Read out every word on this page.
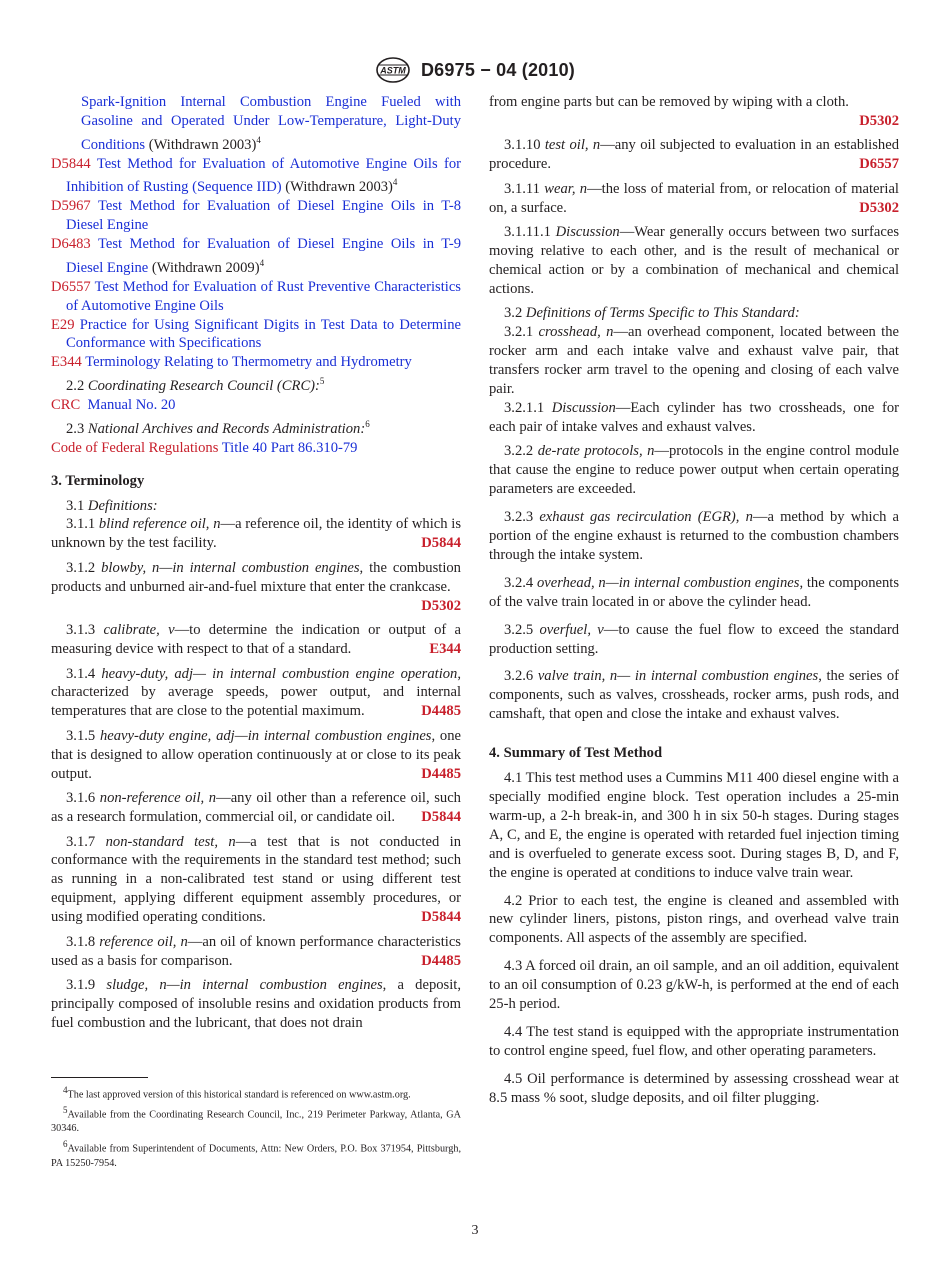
ASTM D6975 − 04 (2010)

Spark-Ignition Internal Combustion Engine Fueled with Gasoline and Operated Under Low-Temperature, Light-Duty Conditions (Withdrawn 2003)$^4$

D5844 Test Method for Evaluation of Automotive Engine Oils for Inhibition of Rusting (Sequence IID) (Withdrawn 2003)$^4$

D5967 Test Method for Evaluation of Diesel Engine Oils in T-8 Diesel Engine

D6483 Test Method for Evaluation of Diesel Engine Oils in T-9 Diesel Engine (Withdrawn 2009)$^4$

D6557 Test Method for Evaluation of Rust Preventive Characteristics of Automotive Engine Oils

E29 Practice for Using Significant Digits in Test Data to Determine Conformance with Specifications

E344 Terminology Relating to Thermometry and Hydrometry

2.2 Coordinating Research Council (CRC):$^5$

CRC Manual No. 20

2.3 National Archives and Records Administration:$^6$

Code of Federal Regulations Title 40 Part 86.310-79

3. Terminology

3.1 Definitions:

3.1.1 blind reference oil, n—a reference oil, the identity of which is unknown by the test facility.	D5844

3.1.2 blowby, n—in internal combustion engines, the combustion products and unburned air-and-fuel mixture that enter the crankcase.
D5302

3.1.3 calibrate, v—to determine the indication or output of a measuring device with respect to that of a standard.	E344

3.1.4 heavy-duty, adj— in internal combustion engine operation, characterized by average speeds, power output, and internal temperatures that are close to the potential maximum.	D4485

3.1.5 heavy-duty engine, adj—in internal combustion engines, one that is designed to allow operation continuously at or close to its peak output.	D4485

3.1.6 non-reference oil, n—any oil other than a reference oil, such as a research formulation, commercial oil, or candidate oil.	D5844

3.1.7 non-standard test, n—a test that is not conducted in conformance with the requirements in the standard test method; such as running in a non-calibrated test stand or using different test equipment, applying different equipment assembly procedures, or using modified operating conditions.	D5844

3.1.8 reference oil, n—an oil of known performance characteristics used as a basis for comparison.	D4485

3.1.9 sludge, n—in internal combustion engines, a deposit, principally composed of insoluble resins and oxidation products from fuel combustion and the lubricant, that does not drain

$^4$The last approved version of this historical standard is referenced on www.astm.org.

$^5$Available from the Coordinating Research Council, Inc., 219 Perimeter Parkway, Atlanta, GA 30346.

$^6$Available from Superintendent of Documents, Attn: New Orders, P.O. Box 371954, Pittsburgh, PA 15250-7954.

from engine parts but can be removed by wiping with a cloth.

D5302

3.1.10 test oil, n—any oil subjected to evaluation in an established procedure.	D6557

3.1.11 wear, n—the loss of material from, or relocation of material on, a surface.	D5302

3.1.11.1 Discussion—Wear generally occurs between two surfaces moving relative to each other, and is the result of mechanical or chemical action or by a combination of mechanical and chemical actions.

3.2 Definitions of Terms Specific to This Standard:

3.2.1 crosshead, n—an overhead component, located between the rocker arm and each intake valve and exhaust valve pair, that transfers rocker arm travel to the opening and closing of each valve pair.

3.2.1.1 Discussion—Each cylinder has two crossheads, one for each pair of intake valves and exhaust valves.

3.2.2 de-rate protocols, n—protocols in the engine control module that cause the engine to reduce power output when certain operating parameters are exceeded.

3.2.3 exhaust gas recirculation (EGR), n—a method by which a portion of the engine exhaust is returned to the combustion chambers through the intake system.

3.2.4 overhead, n—in internal combustion engines, the components of the valve train located in or above the cylinder head.

3.2.5 overfuel, v—to cause the fuel flow to exceed the standard production setting.

3.2.6 valve train, n— in internal combustion engines, the series of components, such as valves, crossheads, rocker arms, push rods, and camshaft, that open and close the intake and exhaust valves.

4. Summary of Test Method

4.1 This test method uses a Cummins M11 400 diesel engine with a specially modified engine block. Test operation includes a 25-min warm-up, a 2-h break-in, and 300 h in six 50-h stages. During stages A, C, and E, the engine is operated with retarded fuel injection timing and is overfueled to generate excess soot. During stages B, D, and F, the engine is operated at conditions to induce valve train wear.

4.2 Prior to each test, the engine is cleaned and assembled with new cylinder liners, pistons, piston rings, and overhead valve train components. All aspects of the assembly are specified.

4.3 A forced oil drain, an oil sample, and an oil addition, equivalent to an oil consumption of 0.23 g/kW-h, is performed at the end of each 25-h period.

4.4 The test stand is equipped with the appropriate instrumentation to control engine speed, fuel flow, and other operating parameters.

4.5 Oil performance is determined by assessing crosshead wear at 8.5 mass % soot, sludge deposits, and oil filter plugging.

3
